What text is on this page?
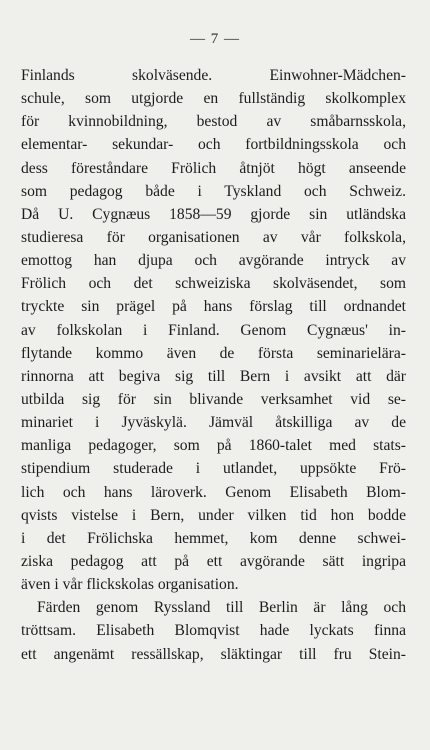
— 7 —
Finlands skolväsende. Einwohner-Mädchen-
schule, som utgjorde en fullständig skolkomplex
för kvinnobildning, bestod av småbarnsskola,
elementar- sekundar- och fortbildningsskola och
dess föreståndare Frölich åtnjöt högt anseende
som pedagog både i Tyskland och Schweiz.
Då U. Cygnæus 1858—59 gjorde sin utländska
studieresa för organisationen av vår folkskola,
emottog han djupa och avgörande intryck av
Frölich och det schweiziska skolväsendet, som
tryckte sin prägel på hans förslag till ordnandet
av folkskolan i Finland. Genom Cygnæus' in-
flytande kommo även de första seminarielära-
rinnorna att begiva sig till Bern i avsikt att där
utbilda sig för sin blivande verksamhet vid se-
minariet i Jyväskylä. Jämväl åtskilliga av de
manliga pedagoger, som på 1860-talet med stats-
stipendium studerade i utlandet, uppsökte Frö-
lich och hans läroverk. Genom Elisabeth Blom-
qvists vistelse i Bern, under vilken tid hon bodde
i det Frölichska hemmet, kom denne schwei-
ziska pedagog att på ett avgörande sätt ingripa
även i vår flickskolas organisation.
Färden genom Ryssland till Berlin är lång och
tröttsam. Elisabeth Blomqvist hade lyckats finna
ett angenämt ressällskap, släktingar till fru Stein-
